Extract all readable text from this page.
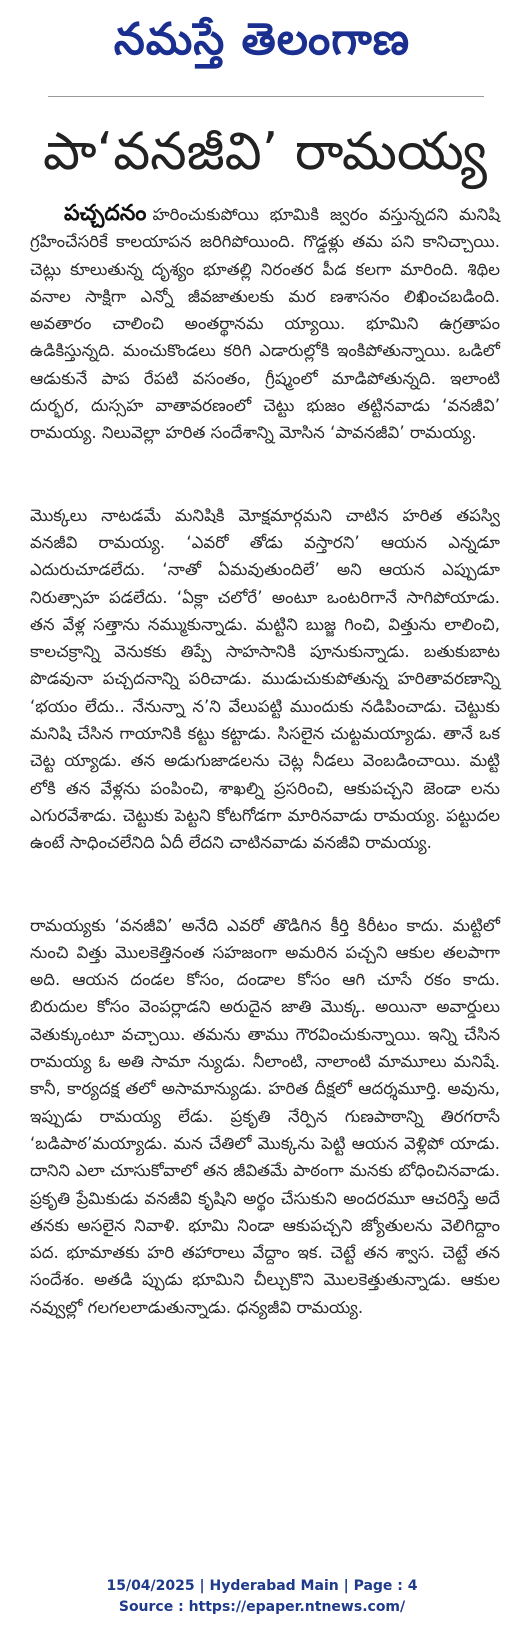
నమస్తే తెలంగాణ
పా‘వనజీవి’ రామయ్య
పచ్చదనం హరించుకుపోయి భూమికి జ్వరం వస్తున్నదని మనిషి గ్రహించేసరికే కాలయాపన జరిగిపోయింది. గొడ్డళ్లు తమ పని కానిచ్చాయి. చెట్లు కూలుతున్న దృశ్యం భూతల్లి నిరంతర పీడ కలగా మారింది. శిథిల వనాల సాక్షిగా ఎన్నో జీవజాతులకు మర ణశాసనం లిఖించబడింది. అవతారం చాలించి అంతర్థానమ య్యాయి. భూమిని ఉగ్రతాపం ఉడికిస్తున్నది. మంచుకొండలు కరిగి ఎడారుల్లోకి ఇంకిపోతున్నాయి. ఒడిలో ఆడుకునే పాప రేపటి వసంతం, గ్రీష్మంలో మాడిపోతున్నది. ఇలాంటి దుర్భర, దుస్సహ వాతావరణంలో చెట్టు భుజం తట్టినవాడు ‘వనజీవి’ రామయ్య. నిలువెల్లా హరిత సందేశాన్ని మోసిన ‘పావనజీవి’ రామయ్య.
మొక్కలు నాటడమే మనిషికి మోక్షమార్గమని చాటిన హరిత తపస్వి వనజీవి రామయ్య. ‘ఎవరో తోడు వస్తారని’ ఆయన ఎన్నడూ ఎదురుచూడలేదు. ‘నాతో ఏమవుతుందిలే’ అని ఆయన ఎప్పుడూ నిరుత్సాహ పడలేదు. ‘ఏక్లా చలోరే’ అంటూ ఒంటరిగానే సాగిపోయాడు. తన వేళ్ల సత్తాను నమ్ముకున్నాడు. మట్టిని బుజ్జ గించి, విత్తును లాలించి, కాలచక్రాన్ని వెనుకకు తిప్పే సాహసానికి పూనుకున్నాడు. బతుకుబాట పొడవునా పచ్చదనాన్ని పరిచాడు. ముడుచుకుపోతున్న హరితావరణాన్ని ‘భయం లేదు.. నేనున్నా న’ని వేలుపట్టి ముందుకు నడిపించాడు. చెట్టుకు మనిషి చేసిన గాయానికి కట్టు కట్టాడు. సిసలైన చుట్టమయ్యాడు. తానే ఒక చెట్ట య్యాడు. తన అడుగుజాడలను చెట్ల నీడలు వెంబడించాయి. మట్టి లోకి తన వేళ్లను పంపించి, శాఖల్ని ప్రసరించి, ఆకుపచ్చని జెండా లను ఎగురవేశాడు. చెట్టుకు పెట్టని కోటగోడగా మారినవాడు రామయ్య. పట్టుదల ఉంటే సాధించలేనిది ఏదీ లేదని చాటినవాడు వనజీవి రామయ్య.
రామయ్యకు ‘వనజీవి’ అనేది ఎవరో తొడిగిన కీర్తి కిరీటం కాదు. మట్టిలో నుంచి విత్తు మొలకెత్తినంత సహజంగా అమరిన పచ్చని ఆకుల తలపాగా అది. ఆయన దండల కోసం, దండాల కోసం ఆగి చూసే రకం కాదు. బిరుదుల కోసం వెంపర్లాడని అరుదైన జాతి మొక్క. అయినా అవార్డులు వెతుక్కుంటూ వచ్చాయి. తమను తాము గౌరవించుకున్నాయి. ఇన్ని చేసిన రామయ్య ఓ అతి సామా న్యుడు. నీలాంటి, నాలాంటి మామూలు మనిషే. కానీ, కార్యదక్ష తలో అసామాన్యుడు. హరిత దీక్షలో ఆదర్శమూర్తి. అవును, ఇప్పుడు రామయ్య లేడు. ప్రకృతి నేర్పిన గుణపాఠాన్ని తిరగరాసే ‘బడిపాఠ’మయ్యాడు. మన చేతిలో మొక్కను పెట్టి ఆయన వెళ్లిపో యాడు. దానిని ఎలా చూసుకోవాలో తన జీవితమే పాఠంగా మనకు బోధించినవాడు. ప్రకృతి ప్రేమికుడు వనజీవి కృషిని అర్థం చేసుకుని అందరమూ ఆచరిస్తే అదే తనకు అసలైన నివాళి. భూమి నిండా ఆకుపచ్చని జ్యోతులను వెలిగిద్దాం పద. భూమాతకు హరి తహారాలు వేద్దాం ఇక. చెట్టే తన శ్వాస. చెట్టే తన సందేశం. అతడి ప్పుడు భూమిని చీల్చుకొని మొలకెత్తుతున్నాడు. ఆకుల నవ్వుల్లో గలగలలాడుతున్నాడు. ధన్యజీవి రామయ్య.
15/04/2025 | Hyderabad Main | Page : 4
Source : https://epaper.ntnews.com/
